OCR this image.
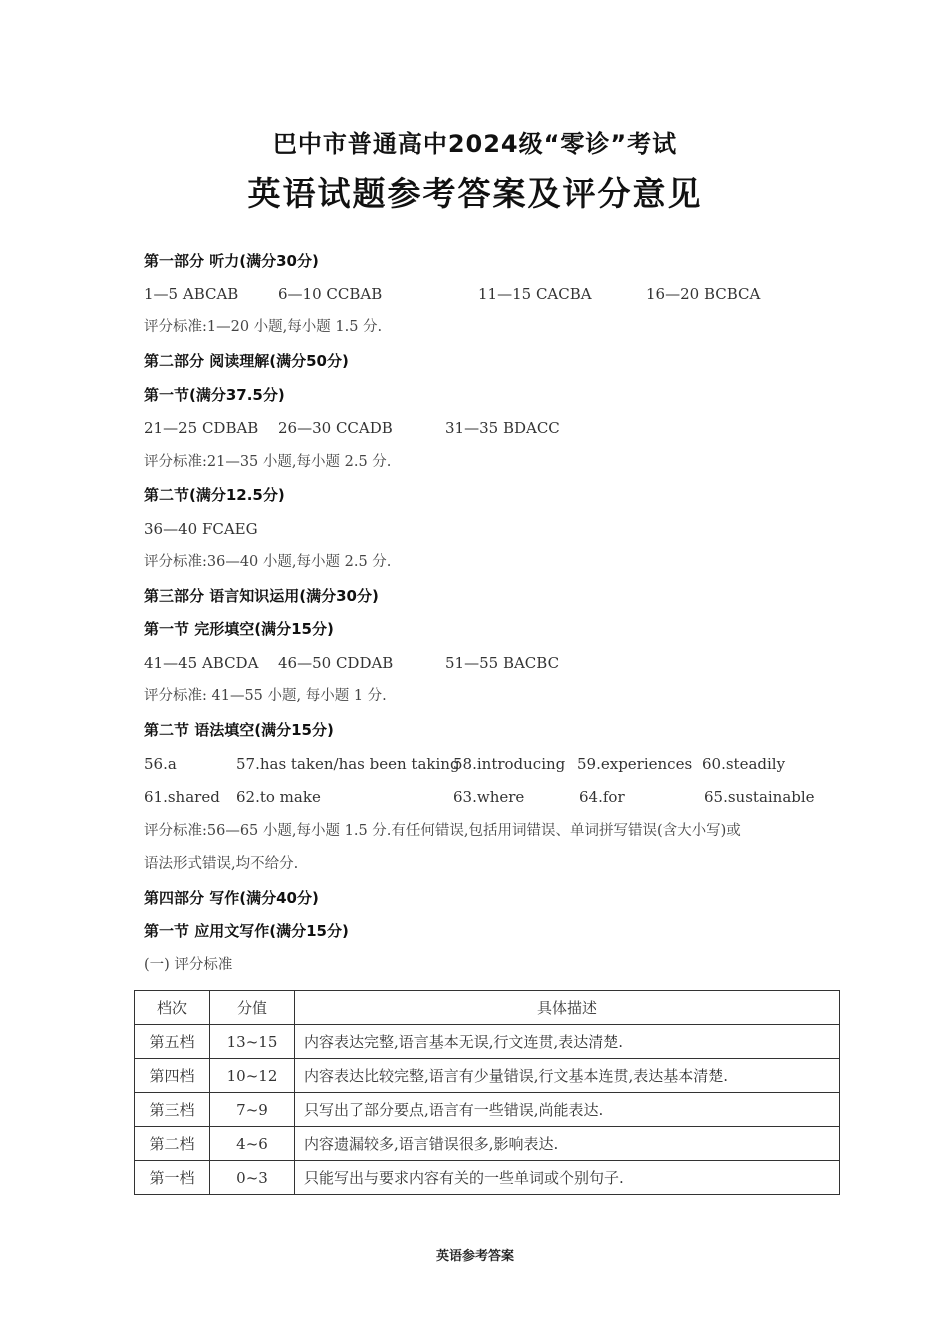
巴中市普通高中2024级“零诊”考试
英语试题参考答案及评分意见
第一部分 听力(满分30分)
1—5 ABCAB	6—10 CCBAB	11—15 CACBA	16—20 BCBCA
评分标准:1—20 小题,每小题 1.5 分.
第二部分 阅读理解(满分50分)
第一节(满分37.5分)
21—25 CDBAB 26—30 CCADB	31—35 BDACC
评分标准:21—35 小题,每小题 2.5 分.
第二节(满分12.5分)
36—40 FCAEG
评分标准:36—40 小题,每小题 2.5 分.
第三部分 语言知识运用(满分30分)
第一节 完形填空(满分15分)
41—45 ABCDA 46—50 CDDAB	51—55 BACBC
评分标准: 41—55 小题, 每小题 1 分.
第二节 语法填空(满分15分)
56.a	57.has taken/has been taking
58.introducing 59.experiences 60.steadily
61.shared 62.to make	63.where	64.for	65.sustainable
评分标准:56—65 小题,每小题 1.5 分.有任何错误,包括用词错误、单词拼写错误(含大小写)或
语法形式错误,均不给分.
第四部分 写作(满分40分)
第一节 应用文写作(满分15分)
(一) 评分标准
档次	分值	具体描述
第五档	13~15	内容表达完整,语言基本无误,行文连贯,表达清楚.
第四档	10~12	内容表达比较完整,语言有少量错误,行文基本连贯,表达基本清楚.
第三档	7~9	只写出了部分要点,语言有一些错误,尚能表达.
第二档	4~6	内容遗漏较多,语言错误很多,影响表达.
第一档	0~3	只能写出与要求内容有关的一些单词或个别句子.
英语参考答案
